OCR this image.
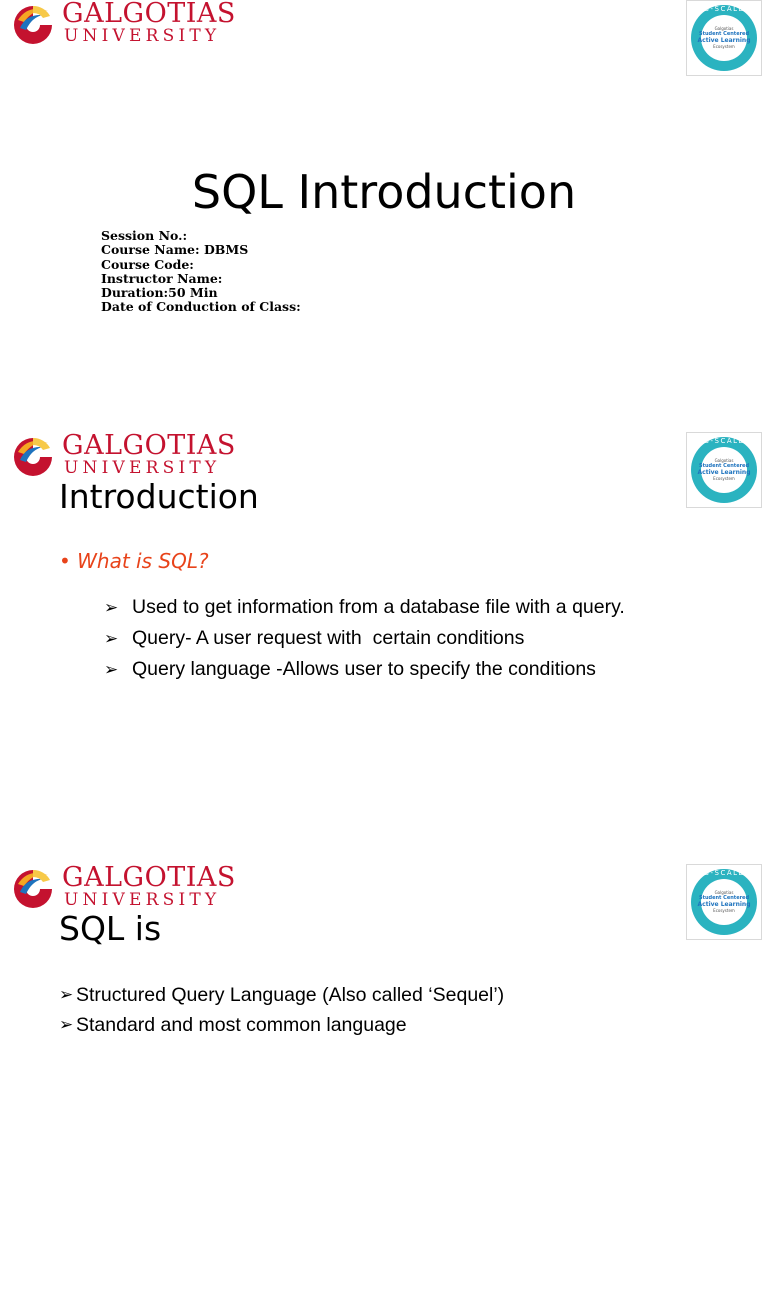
GALGOTIAS
UNIVERSITY
G-SCALE
Galgotias
Student Centered
Active Learning
Ecosystem
SQL Introduction
Session No.:
Course Name: DBMS
Course Code:
Instructor Name:
Duration:50 Min
Date of Conduction of Class:
GALGOTIAS
UNIVERSITY
G-SCALE
Galgotias
Student Centered
Active Learning
Ecosystem
Introduction
• What is SQL?
➢ Used to get information from a database file with a query.
➢ Query- A user request with  certain conditions
➢ Query language -Allows user to specify the conditions
GALGOTIAS
UNIVERSITY
G-SCALE
Galgotias
Student Centered
Active Learning
Ecosystem
SQL is
➢ Structured Query Language (Also called ‘Sequel’)
➢ Standard and most common language
